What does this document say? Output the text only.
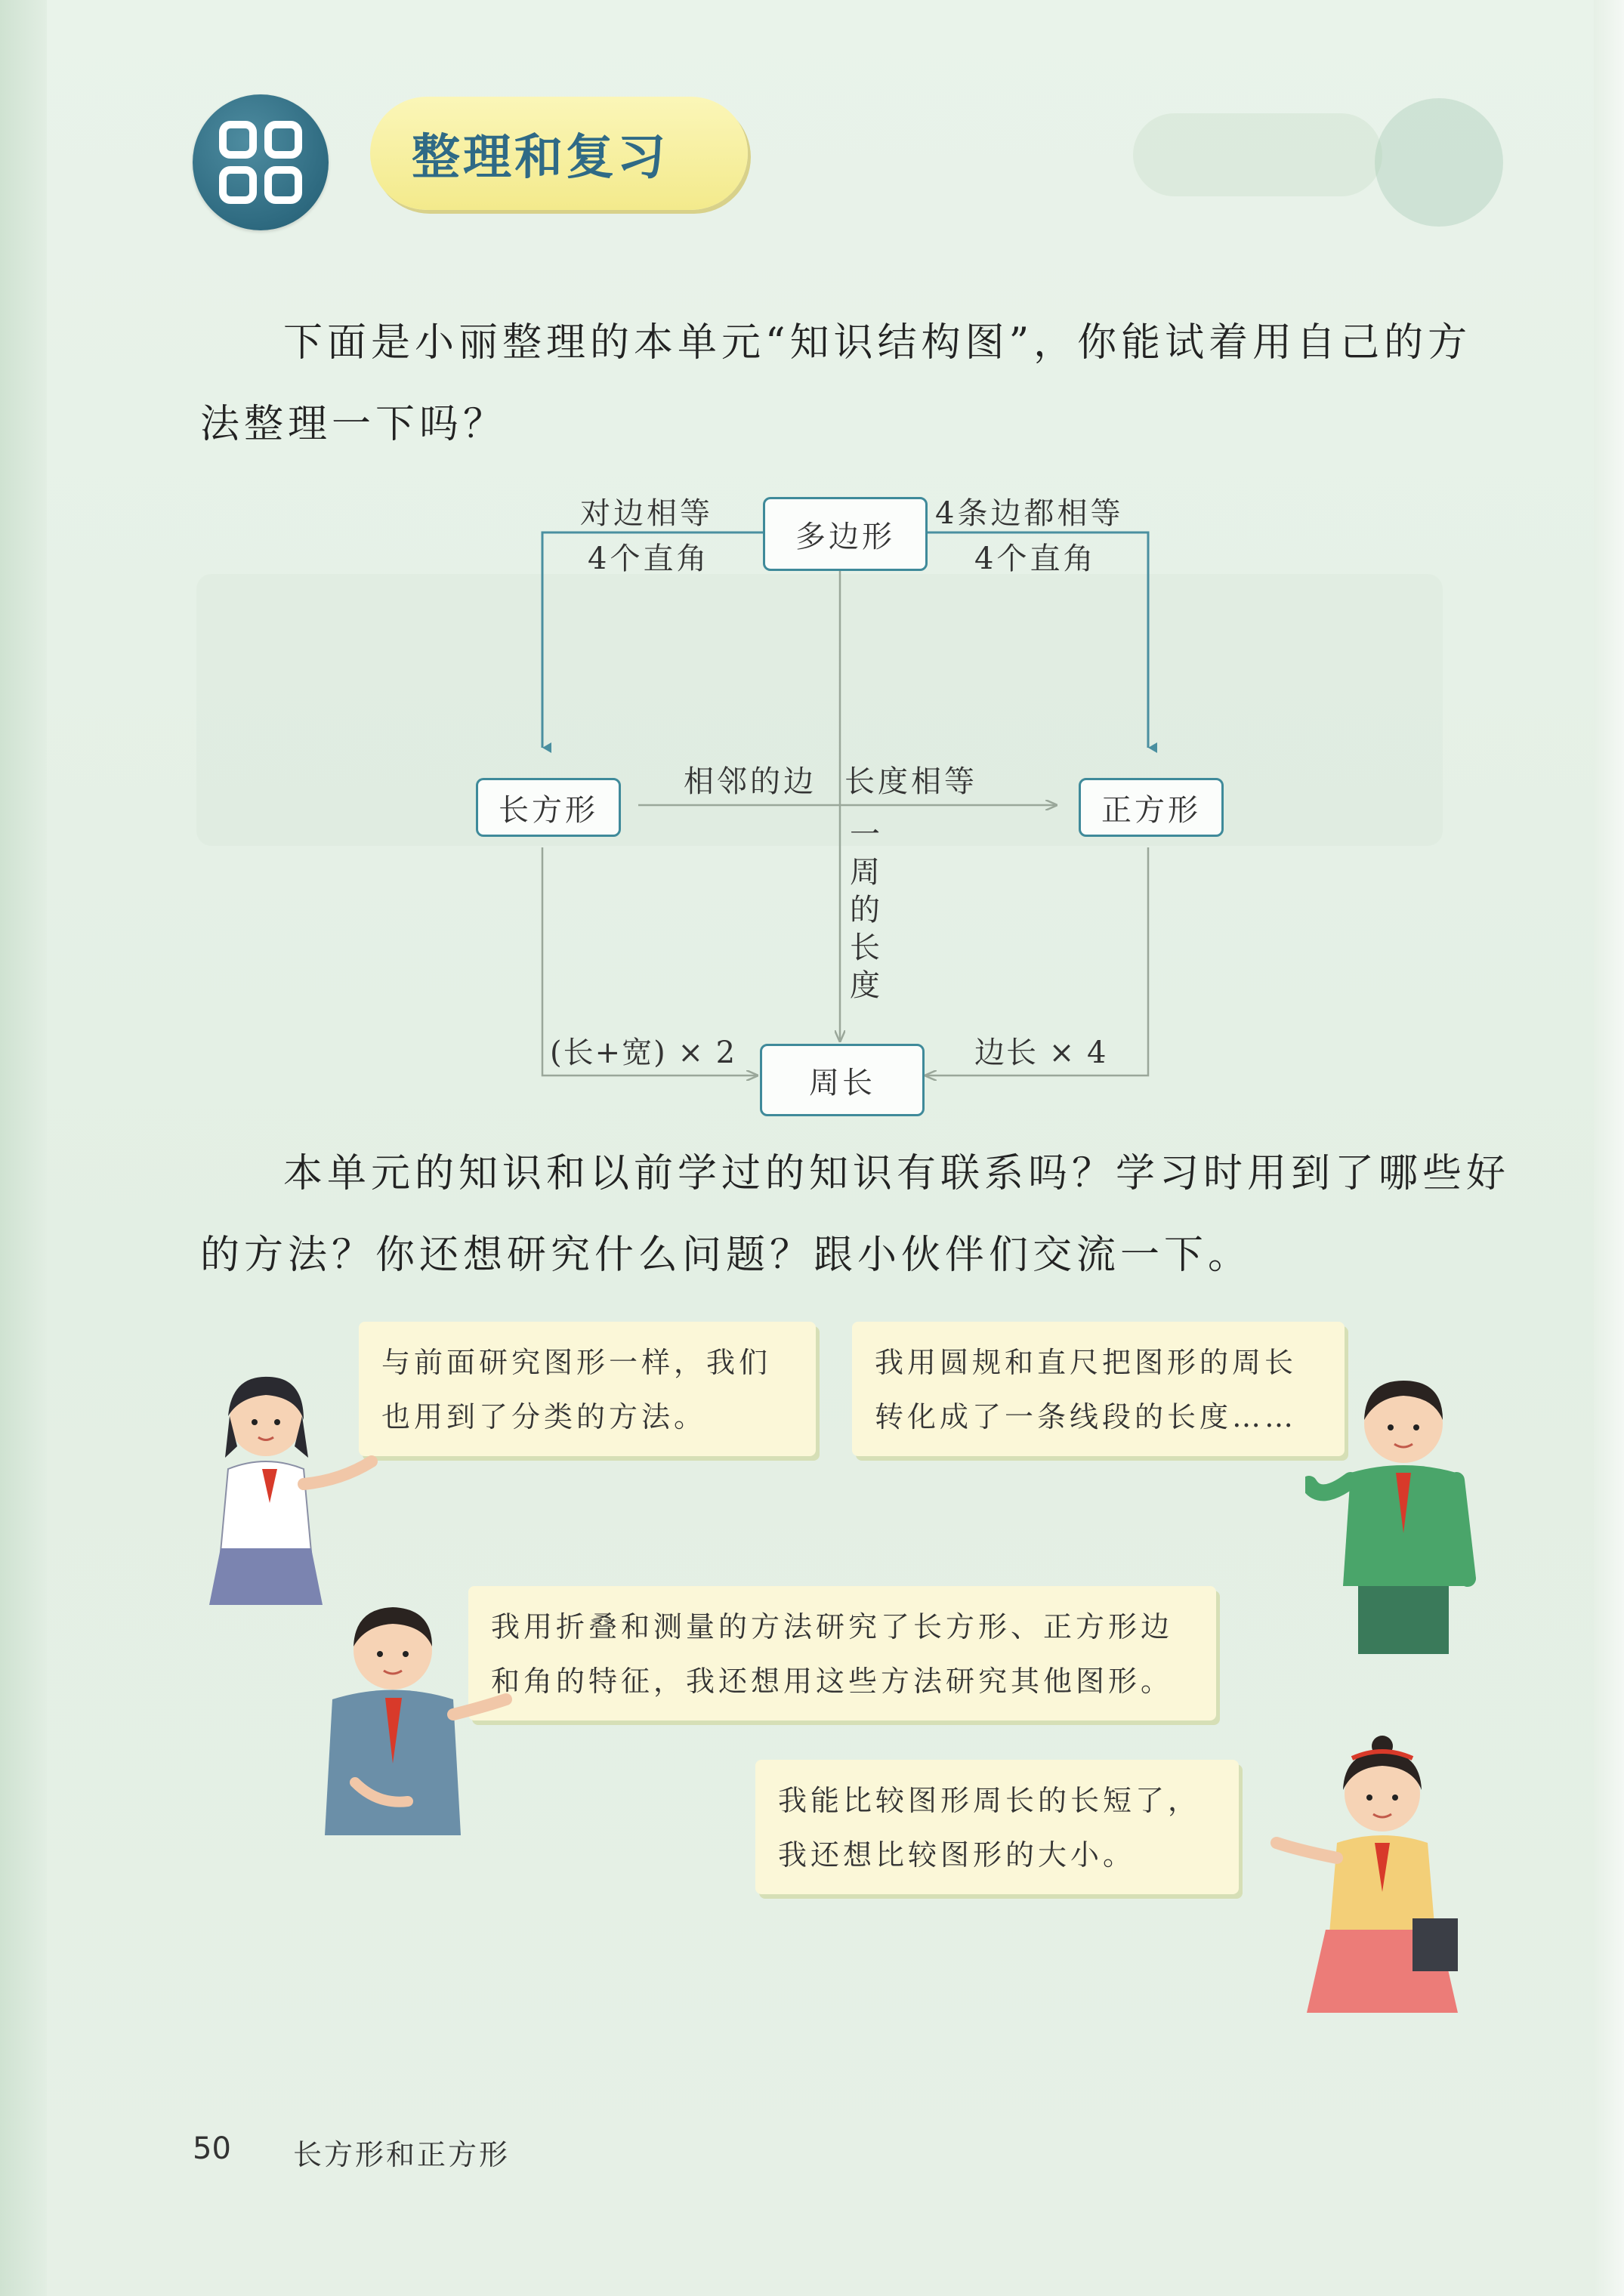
整理和复习
下面是小丽整理的本单元“知识结构图”，你能试着用自己的方法整理一下吗？
多边形
长方形	正方形
周长
对边相等
4个直角
4条边都相等
4个直角
相邻的边 长度相等
一
周
的
长
度
(长+宽) × 2	边长 × 4
本单元的知识和以前学过的知识有联系吗？学习时用到了哪些好的方法？你还想研究什么问题？跟小伙伴们交流一下。
与前面研究图形一样，我们
也用到了分类的方法。
我用圆规和直尺把图形的周长
转化成了一条线段的长度……
我用折叠和测量的方法研究了长方形、正方形边
和角的特征，我还想用这些方法研究其他图形。
我能比较图形周长的长短了，
我还想比较图形的大小。
50 长方形和正方形
